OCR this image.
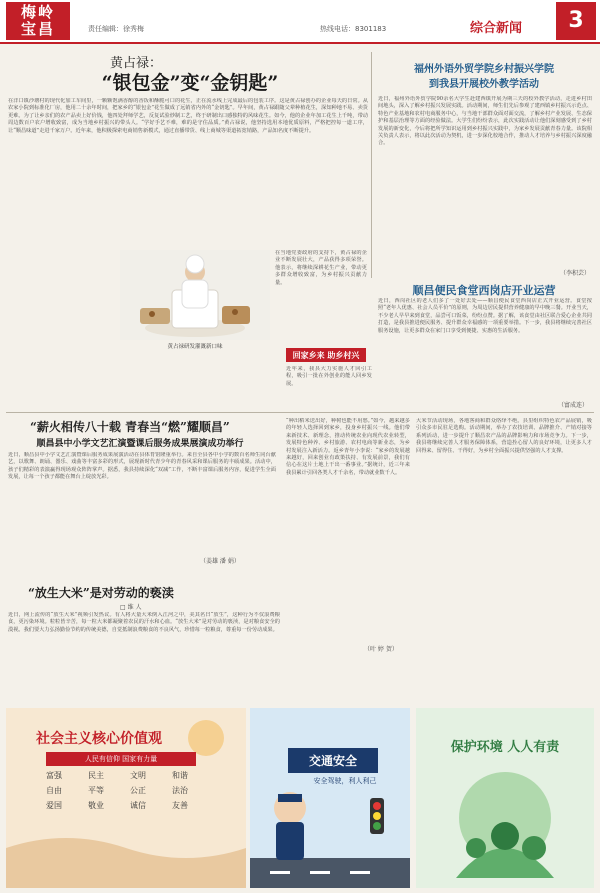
梅岭
宝昌	责任编辑：徐秀梅	热线电话：8301183	综合新闻	3
黄占禄：
“银包金”变“金钥匙”
在洋口镇沙塘村的现代化加工车间里，一颗颗饱满香醇的香饭和酥脆可口的花生，正在流水线上完成最后的包装工序。这是黄占禄创办的企业每天的日常。从农家小院到标准化厂房，他用二十余年时间，把家乡的“银包金”花生做成了远销省内外的“金钥匙”。早年间，黄占禄跟随父辈种植花生，深知种地不易、卖货更难。为了让乡亲们的农产品卖上好价钱，他四处拜师学艺，反复试验炒制工艺，终于研制出口感独特的风味花生。如今，他的企业年加工花生上千吨，带动周边数百户农户增收致富，成为当地乡村振兴的带头人。“学好手艺不难，难的是守住品质。”黄占禄说，他坚持选用本地优质原料，严格把控每一道工序，让“顺昌味道”走进千家万户。近年来，他积极探索电商销售新模式，通过直播带货、线上商城等渠道拓宽销路，产品知名度不断提升。
在当地党委政府的支持下，黄占禄的企业不断发展壮大，产品获得多项荣誉。他表示，将继续深耕花生产业，带动更多群众增收致富，为乡村振兴贡献力量。
黄占禄研发灌溉新口味
福州外语外贸学院乡村振兴学院
到我县开展校外教学活动
近日，福州外语外贸学院90余名大学生赴建西镇开展为期三天的校外教学活动，走进乡村田间地头，深入了解乡村振兴发展实践。活动期间，师生们先后参观了建西镇乡村振兴示范点、特色产业基地和农村电商服务中心，与当地干部群众面对面交流，了解乡村产业发展、生态保护和基层治理等方面的经验做法。大学生们纷纷表示，此次实践活动让他们深刻感受到了乡村发展的新变化，今后将把所学知识运用到乡村振兴实践中，为家乡发展贡献青春力量。该院相关负责人表示，将以此次活动为契机，进一步深化校地合作，推动人才培养与乡村振兴深度融合。
（李积芸）
顺昌便民食堂西岗店开业运营
近日，西岗社区的老人们多了一处好去处——顺昌便民食堂西岗店正式开业运营。食堂按照“老年人优惠、社会人员平价”的原则，为周边居民提供营养健康的早中晚三餐。开业当天，不少老人早早来到食堂，品尝可口饭菜，纷纷点赞。据了解，该食堂由社区联合爱心企业共同打造，是我县推进便民服务、提升群众幸福感的一项重要举措。下一步，我县将继续完善社区服务设施，让更多群众在家门口享受到便捷、实惠的生活服务。
（富成连）
“薪火相传八十载 青春当“燃”耀顺昌”
顺昌县中小学文艺汇演暨课后服务成果展演成功举行
近日，顺昌县中小学文艺汇演暨课后服务成果展演活动在县体育馆隆重举行。来自全县各中小学的数百名师生同台献艺，以歌舞、朗诵、器乐、戏曲等丰富多彩的形式，展现新时代青少年的青春风采和课后服务的丰硕成果。活动中，孩子们精彩的表演赢得现场观众阵阵掌声。据悉，我县持续深化“双减”工作，不断丰富课后服务内容，促进学生全面发展，让每一个孩子都能在舞台上绽放光彩。
（姜雄 潘 娟）
回家乡来 助乡村兴
近年来，我县大力实施人才回引工程，吸引一批在外创业的能人回乡发展。
“种出稻米送出好，种树也能不用愁。”如今，越来越多的年轻人选择回到家乡，投身乡村振兴一线。他们带来新技术、新理念，推动传统农业向现代农业转型，发展特色种养、乡村旅游、农村电商等新业态，为乡村发展注入新活力。返乡青年小李说：“家乡的发展越来越好，回来创业有政策扶持、有发展前景，我们有信心在这片土地上干出一番事业。”据统计，近三年来我县累计引回各类人才千余名，带动就业数千人。
（叶 婷 贺）
大米节活动现场，各地客商和群众络绎不绝。县里组织特色农产品展销，吸引众多市民驻足选购。活动期间，举办了农技培训、品牌推介、产销对接等系列活动，进一步提升了顺昌农产品的品牌影响力和市场竞争力。下一步，我县将继续完善人才服务保障体系，营造拴心留人的良好环境，让更多人才回得来、留得住、干得好，为乡村全面振兴提供坚强的人才支撑。
“放生大米”是对劳动的亵渎
□ 维 人
近日，网上流传的“放生大米”视频引发热议。有人将大量大米倒入江河之中，美其名曰“放生”，这种行为不仅浪费粮食，更污染环境。粒粒皆辛苦，每一粒大米都凝聚着农民的汗水和心血。“放生大米”是对劳动的亵渎，是对粮食安全的漠视。我们要大力弘扬勤俭节约的传统美德，自觉抵制浪费粮食的不良风气，珍惜每一粒粮食，尊重每一份劳动成果。
社会主义核心价值观
人民有信仰 国家有力量
富强	民主	文明	和谐
自由	平等	公正	法治
爱国	敬业	诚信	友善
交通安全
安全驾驶，利人利己
保护环境 人人有责
